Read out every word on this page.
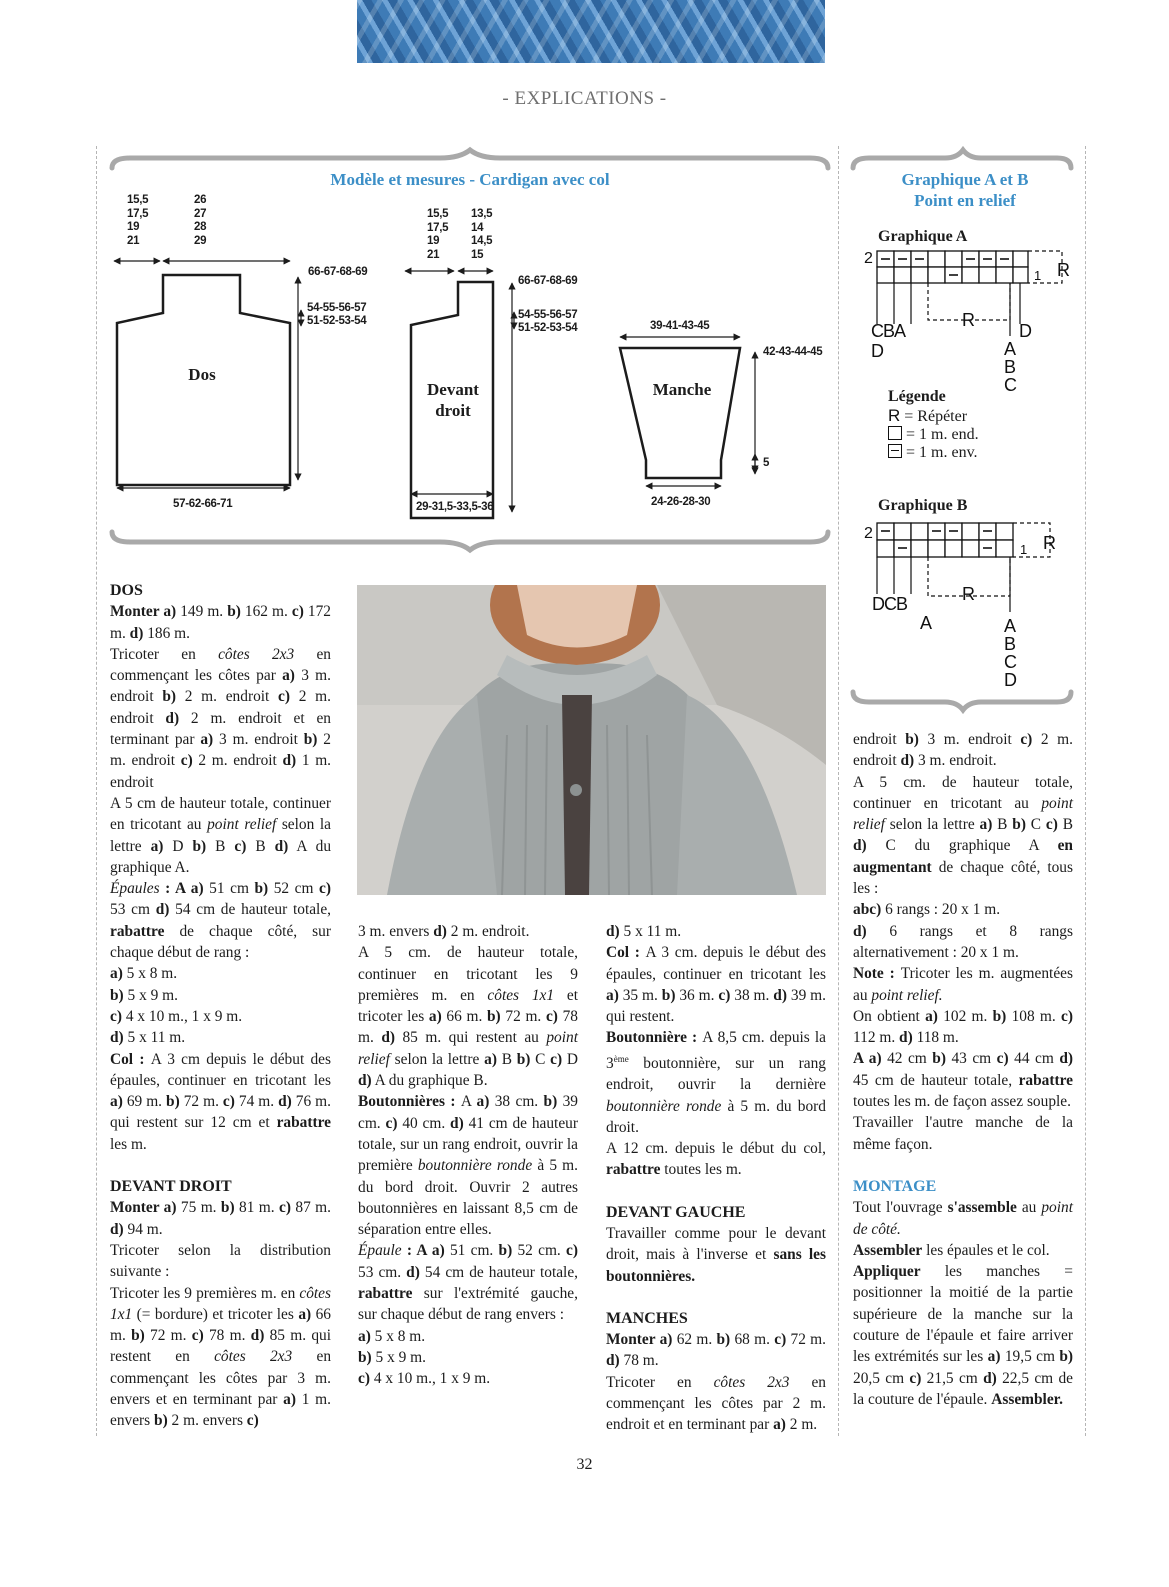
- EXPLICATIONS -
Modèle et mesures - Cardigan avec col
15,5
17,5
19
21
26
27
28
29
66-67-68-69
54-55-56-57
51-52-53-54
Dos
57-62-66-71
15,5
17,5
19
21
13,5
14
14,5
15
66-67-68-69
54-55-56-57
51-52-53-54
Devant
droit
29-31,5-33,5-36
39-41-43-45
42-43-44-45
5
Manche
24-26-28-30
Graphique A et B
Point en relief
Graphique A
2
1 R
R
CBA
D
D
A
B
C
Légende
R = Répéter
= 1 m. end.
= 1 m. env.
Graphique B
2
1 R
R
DCB
A	A
B
C
D

DOS

Monter a) 149 m. b) 162 m. c) 172 m. d) 186 m.

Tricoter en côtes 2x3 en commençant les côtes par a) 3 m. endroit b) 2 m. endroit c) 2 m. endroit d) 2 m. endroit et en terminant par a) 3 m. endroit b) 2 m. endroit c) 2 m. endroit d) 1 m. endroit

A 5 cm de hauteur totale, continuer en tricotant au point relief selon la lettre a) D b) B c) B d) A du graphique A.

Épaules : A a) 51 cm b) 52 cm c) 53 cm d) 54 cm de hauteur totale, rabattre de chaque côté, sur chaque début de rang :

a) 5 x 8 m.

b) 5 x 9 m.

c) 4 x 10 m., 1 x 9 m.

d) 5 x 11 m.

Col : A 3 cm depuis le début des épaules, continuer en tricotant les a) 69 m. b) 72 m. c) 74 m. d) 76 m. qui restent sur 12 cm et rabattre les m.

DEVANT DROIT

Monter a) 75 m. b) 81 m. c) 87 m. d) 94 m.

Tricoter selon la distribution suivante :

Tricoter les 9 premières m. en côtes 1x1 (= bordure) et tricoter les a) 66 m. b) 72 m. c) 78 m. d) 85 m. qui restent en côtes 2x3 en commençant les côtes par 3 m. envers et en terminant par a) 1 m. envers b) 2 m. envers c)

3 m. envers d) 2 m. endroit.

A 5 cm. de hauteur totale, continuer en tricotant les 9 premières m. en côtes 1x1 et tricoter les a) 66 m. b) 72 m. c) 78 m. d) 85 m. qui restent au point relief selon la lettre a) B b) C c) D d) A du graphique B.

Boutonnières : A a) 38 cm. b) 39 cm. c) 40 cm. d) 41 cm de hauteur totale, sur un rang endroit, ouvrir la première boutonnière ronde à 5 m. du bord droit. Ouvrir 2 autres boutonnières en laissant 8,5 cm de séparation entre elles.

Épaule : A a) 51 cm. b) 52 cm. c) 53 cm. d) 54 cm de hauteur totale, rabattre sur l'extrémité gauche, sur chaque début de rang envers :

a) 5 x 8 m.

b) 5 x 9 m.

c) 4 x 10 m., 1 x 9 m.

d) 5 x 11 m.

Col : A 3 cm. depuis le début des épaules, continuer en tricotant les a) 35 m. b) 36 m. c) 38 m. d) 39 m. qui restent.

Boutonnière : A 8,5 cm. depuis la 3ème boutonnière, sur un rang endroit, ouvrir la dernière boutonnière ronde à 5 m. du bord droit.

A 12 cm. depuis le début du col, rabattre toutes les m.

DEVANT GAUCHE

Travailler comme pour le devant droit, mais à l'inverse et sans les boutonnières.

MANCHES

Monter a) 62 m. b) 68 m. c) 72 m. d) 78 m.

Tricoter en côtes 2x3 en commençant les côtes par 2 m. endroit et en terminant par a) 2 m.

endroit b) 3 m. endroit c) 2 m. endroit d) 3 m. endroit.

A 5 cm. de hauteur totale, continuer en tricotant au point relief selon la lettre a) B b) C c) B d) C du graphique A en augmentant de chaque côté, tous les :

abc) 6 rangs : 20 x 1 m.

d) 6 rangs et 8 rangs alternativement : 20 x 1 m.

Note : Tricoter les m. augmentées au point relief.

On obtient a) 102 m. b) 108 m. c) 112 m. d) 118 m.

A a) 42 cm b) 43 cm c) 44 cm d) 45 cm de hauteur totale, rabattre toutes les m. de façon assez souple.

Travailler l'autre manche de la même façon.

MONTAGE

Tout l'ouvrage s'assemble au point de côté.

Assembler les épaules et le col.

Appliquer les manches = positionner la moitié de la partie supérieure de la manche sur la couture de l'épaule et faire arriver les extrémités sur les a) 19,5 cm b) 20,5 cm c) 21,5 cm d) 22,5 cm de la couture de l'épaule. Assembler.

32
